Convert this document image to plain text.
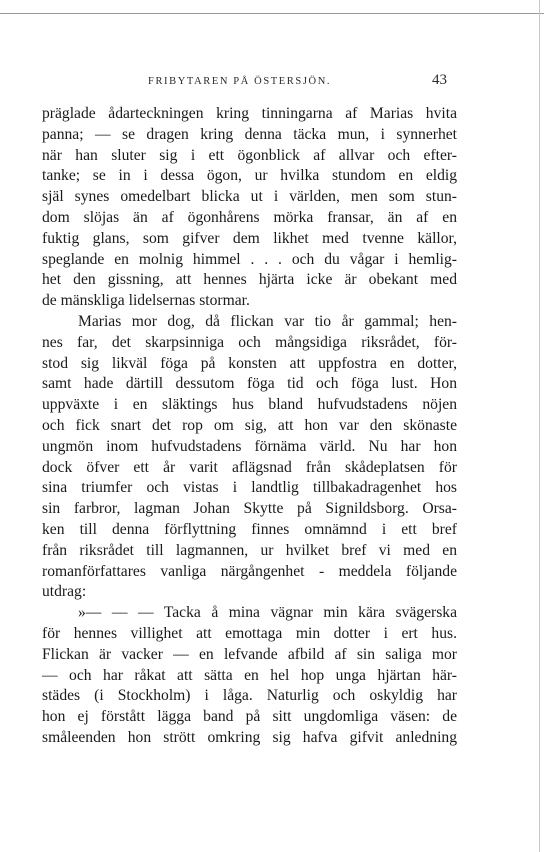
FRIBYTAREN PÅ ÖSTERSJÖN.	43
präglade ådarteckningen kring tinningarna af Marias hvita
panna; — se dragen kring denna täcka mun, i synnerhet
när han sluter sig i ett ögonblick af allvar och efter-
tanke; se in i dessa ögon, ur hvilka stundom en eldig
själ synes omedelbart blicka ut i världen, men som stun-
dom slöjas än af ögonhårens mörka fransar, än af en
fuktig glans, som gifver dem likhet med tvenne källor,
speglande en molnig himmel . . . och du vågar i hemlig-
het den gissning, att hennes hjärta icke är obekant med
de mänskliga lidelsernas stormar.
Marias mor dog, då flickan var tio år gammal; hen-
nes far, det skarpsinniga och mångsidiga riksrådet, för-
stod sig likväl föga på konsten att uppfostra en dotter,
samt hade därtill dessutom föga tid och föga lust. Hon
uppväxte i en släktings hus bland hufvudstadens nöjen
och fick snart det rop om sig, att hon var den skönaste
ungmön inom hufvudstadens förnäma värld. Nu har hon
dock öfver ett år varit aflägsnad från skådeplatsen för
sina triumfer och vistas i landtlig tillbakadragenhet hos
sin farbror, lagman Johan Skytte på Signildsborg. Orsa-
ken till denna förflyttning finnes omnämnd i ett bref
från riksrådet till lagmannen, ur hvilket bref vi med en
romanförfattares vanliga närgångenhet - meddela följande
utdrag:
»— — — Tacka å mina vägnar min kära svägerska
för hennes villighet att emottaga min dotter i ert hus.
Flickan är vacker — en lefvande afbild af sin saliga mor
— och har råkat att sätta en hel hop unga hjärtan här-
städes (i Stockholm) i låga. Naturlig och oskyldig har
hon ej förstått lägga band på sitt ungdomliga väsen: de
småleenden hon strött omkring sig hafva gifvit anledning
